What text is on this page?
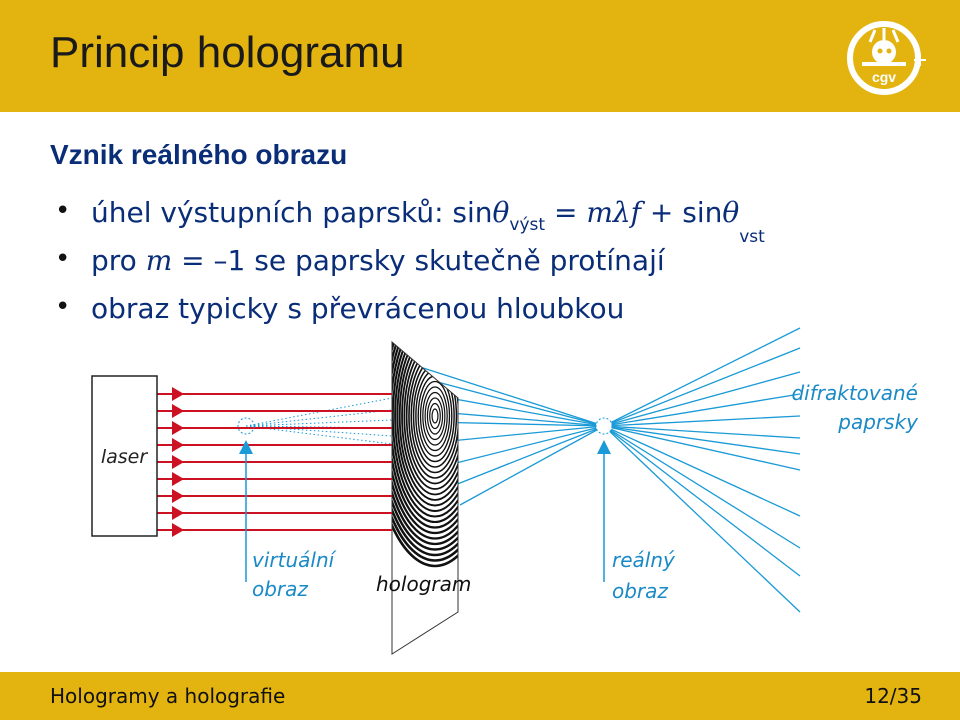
Princip hologramu	cgv
Vznik reálného obrazu
• úhel výstupních paprsků: sinθ$_{výst}$ = mλf + sinθ$_{vst}$
• pro m = –1 se paprsky skutečně protínají
• obraz typicky s převrácenou hloubkou
laser
virtuální
obraz	hologram
reálný
obraz
difraktované
paprsky
Hologramy a holografie	12/35
